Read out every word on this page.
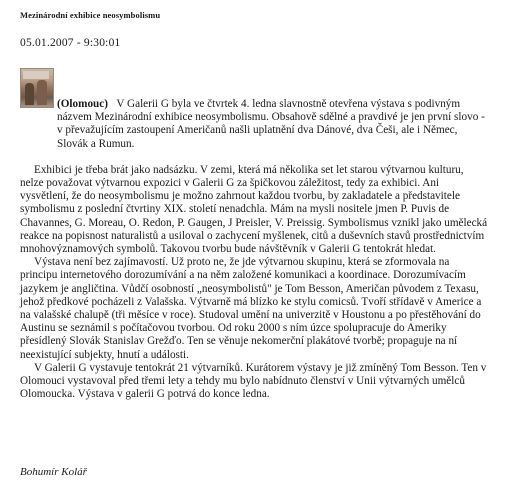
Mezinárodní exhibice neosymbolismu
05.01.2007 - 9:30:01

(Olomouc) V Galerii G byla ve čtvrtek 4. ledna slavnostně otevřena výstava s podivným názvem Mezinárodní exhibice neosymbolismu. Obsahově sdělné a pravdivé je jen první slovo - v převažujícím zastoupení Američanů našli uplatnění dva Dánové, dva Češi, ale i Němec, Slovák a Rumun.

Exhibici je třeba brát jako nadsázku. V zemi, která má několika set let starou výtvarnou kulturu, nelze považovat výtvarnou expozici v Galerii G za špičkovou záležitost, tedy za exhibici. Ani vysvětlení, že do neosymbolismu je možno zahrnout každou tvorbu, by zakladatele a představitele symbolismu z poslední čtvrtiny XIX. století nenadchla. Mám na mysli nositele jmen P. Puvis de Chavannes, G. Moreau, O. Redon, P. Gaugen, J Preisler, V. Preissig. Symbolismus vznikl jako umělecká reakce na popisnost naturalistů a usiloval o zachycení myšlenek, citů a duševních stavů prostřednictvím mnohovýznamových symbolů. Takovou tvorbu bude návštěvník v Galerii G tentokrát hledat.

Výstava není bez zajímavostí. Už proto ne, že jde výtvarnou skupinu, která se zformovala na principu internetového dorozumívání a na něm založené komunikaci a koordinace. Dorozumívacím jazykem je angličtina. Vůdčí osobností „neosymbolistů" je Tom Besson, Američan původem z Texasu, jehož předkové pocházeli z Valašska. Výtvarně má blízko ke stylu comicsů. Tvoří střídavě v Americe a na valašské chalupě (tři měsíce v roce). Studoval umění na univerzitě v Houstonu a po přestěhování do Austinu se seznámil s počítačovou tvorbou. Od roku 2000 s ním úzce spolupracuje do Ameriky přesídlený Slovák Stanislav Grežďo. Ten se věnuje nekomerční plakátové tvorbě; propaguje na ní neexistující subjekty, hnutí a události.

V Galerii G vystavuje tentokrát 21 výtvarníků. Kurátorem výstavy je již zmíněný Tom Besson. Ten v Olomouci vystavoval před třemi lety a tehdy mu bylo nabídnuto členství v Unii výtvarných umělců Olomoucka. Výstava v galerii G potrvá do konce ledna.

Bohumír Kolář
